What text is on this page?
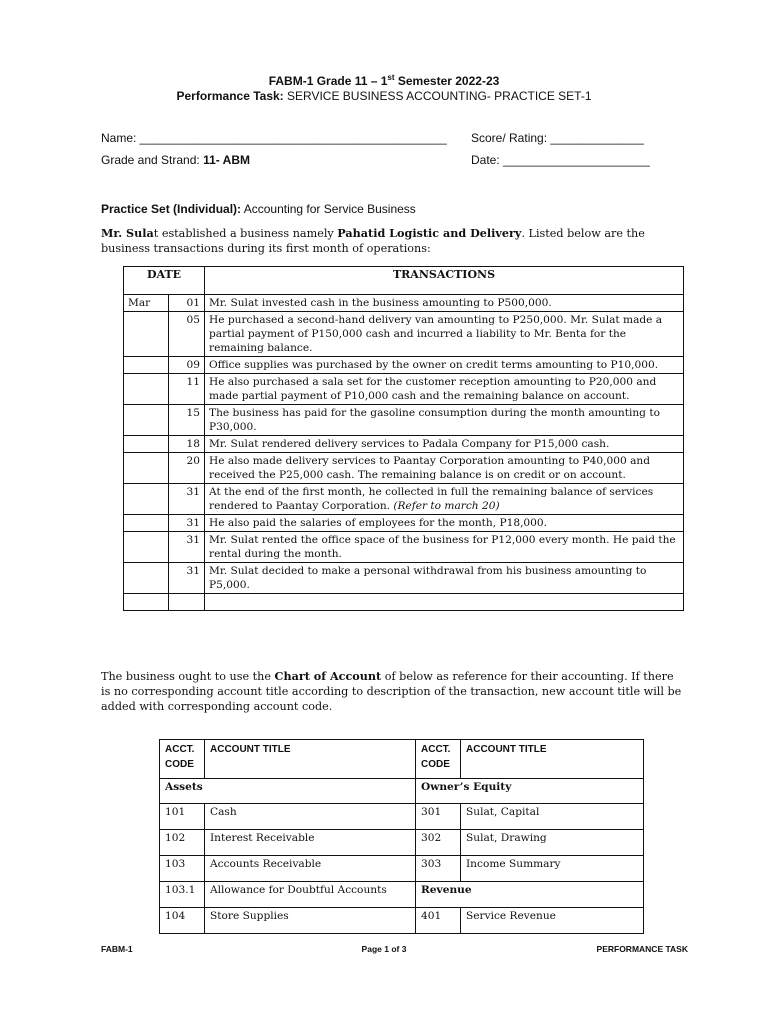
FABM-1 Grade 11 – 1st Semester 2022-23
Performance Task: SERVICE BUSINESS ACCOUNTING- PRACTICE SET-1
Name: ______________________________________________ Score/ Rating: ______________
Grade and Strand: 11- ABM	Date: ______________________
Practice Set (Individual): Accounting for Service Business
Mr. Sulat established a business namely Pahatid Logistic and Delivery. Listed below are the business transactions during its first month of operations:
DATE		TRANSACTIONS
Mar	01	Mr. Sulat invested cash in the business amounting to P500,000.
	05	He purchased a second-hand delivery van amounting to P250,000. Mr. Sulat made a partial payment of P150,000 cash and incurred a liability to Mr. Benta for the remaining balance.
	09	Office supplies was purchased by the owner on credit terms amounting to P10,000.
	11	He also purchased a sala set for the customer reception amounting to P20,000 and made partial payment of P10,000 cash and the remaining balance on account.
	15	The business has paid for the gasoline consumption during the month amounting to P30,000.
	18	Mr. Sulat rendered delivery services to Padala Company for P15,000 cash.
	20	He also made delivery services to Paantay Corporation amounting to P40,000 and received the P25,000 cash. The remaining balance is on credit or on account.
	31	At the end of the first month, he collected in full the remaining balance of services rendered to Paantay Corporation. (Refer to march 20)
	31	He also paid the salaries of employees for the month, P18,000.
	31	Mr. Sulat rented the office space of the business for P12,000 every month. He paid the rental during the month.
	31	Mr. Sulat decided to make a personal withdrawal from his business amounting to P5,000.

The business ought to use the Chart of Account of below as reference for their accounting. If there is no corresponding account title according to description of the transaction, new account title will be added with corresponding account code.
ACCT. CODE	ACCOUNT TITLE	ACCT. CODE	ACCOUNT TITLE
Assets		Owner’s Equity	
101	Cash	301	Sulat, Capital
102	Interest Receivable	302	Sulat, Drawing
103	Accounts Receivable	303	Income Summary
103.1	Allowance for Doubtful Accounts	Revenue	
104	Store Supplies	401	Service Revenue
FABM-1	Page 1 of 3	PERFORMANCE TASK
